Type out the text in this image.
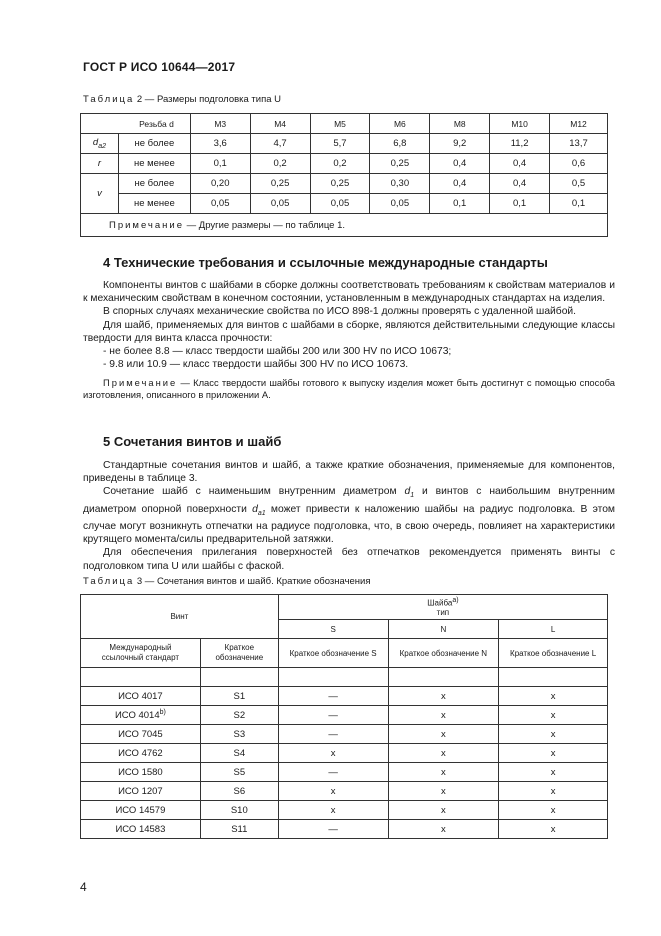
ГОСТ Р ИСО 10644—2017
Таблица 2 — Размеры подголовка типа U
Резьба d		M3	M4	M5	M6	M8	M10	M12
$d_{a2}$	не более	3,6	4,7	5,7	6,8	9,2	11,2	13,7
r	не менее	0,1	0,2	0,2	0,25	0,4	0,4	0,6
v	не более	0,20	0,25	0,25	0,30	0,4	0,4	0,5
	не менее	0,05	0,05	0,05	0,05	0,1	0,1	0,1
Примечание — Другие размеры — по таблице 1.								
4 Технические требования и ссылочные международные стандарты

Компоненты винтов с шайбами в сборке должны соответствовать требованиям к свойствам материалов и к механическим свойствам в конечном состоянии, установленным в международных стандартах на изделия.

В спорных случаях механические свойства по ИСО 898-1 должны проверять с удаленной шайбой.

Для шайб, применяемых для винтов с шайбами в сборке, являются действительными следующие классы твердости для винта класса прочности:

- не более 8.8 — класс твердости шайбы 200 или 300 HV по ИСО 10673;
- 9.8 или 10.9 — класс твердости шайбы 300 HV по ИСО 10673.

Примечание — Класс твердости шайбы готового к выпуску изделия может быть достигнут с помощью способа изготовления, описанного в приложении А.

5 Сочетания винтов и шайб

Стандартные сочетания винтов и шайб, а также краткие обозначения, применяемые для компонентов, приведены в таблице 3.

Сочетание шайб с наименьшим внутренним диаметром $d_1$ и винтов с наибольшим внутренним диаметром опорной поверхности $d_{a1}$ может привести к наложению шайбы на радиус подголовка. В этом случае могут возникнуть отпечатки на радиусе подголовка, что, в свою очередь, повлияет на характеристики крутящего момента/силы предварительной затяжки.

Для обеспечения прилегания поверхностей без отпечатков рекомендуется применять винты с подголовком типа U или шайбы с фаской.

Таблица 3 — Сочетания винтов и шайб. Краткие обозначения
Винт		Шайба$^{a)}$
тип		
		S	N	L
Международный ссылочный стандарт	Краткое обозначение	Краткое обозначение S	Краткое обозначение N	Краткое обозначение L

ИСО 4017	S1	—	x	x
ИСО 4014$^{b)}$	S2	—	x	x
ИСО 7045	S3	—	x	x
ИСО 4762	S4	x	x	x
ИСО 1580	S5	—	x	x
ИСО 1207	S6	x	x	x
ИСО 14579	S10	x	x	x
ИСО 14583	S11	—	x	x
4
